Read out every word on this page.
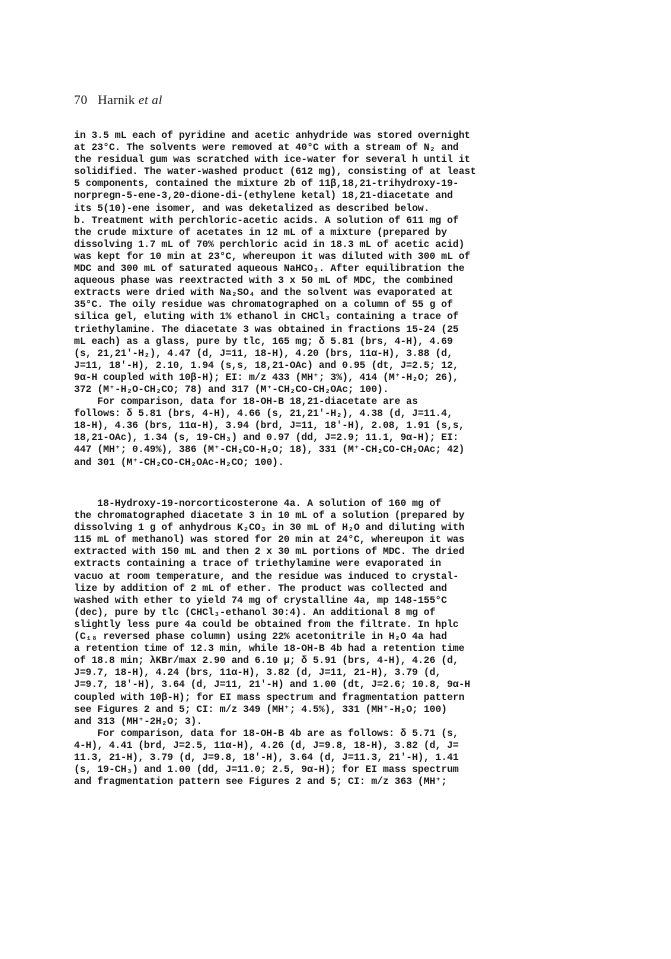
70 Harnik et al
in 3.5 mL each of pyridine and acetic anhydride was stored overnight
at 23°C. The solvents were removed at 40°C with a stream of N₂ and
the residual gum was scratched with ice-water for several h until it
solidified. The water-washed product (612 mg), consisting of at least
5 components, contained the mixture 2b of 11β,18,21-trihydroxy-19-
norpregn-5-ene-3,20-dione-di-(ethylene ketal) 18,21-diacetate and
its 5(10)-ene isomer, and was deketalized as described below.
b. Treatment with perchloric-acetic acids. A solution of 611 mg of
the crude mixture of acetates in 12 mL of a mixture (prepared by
dissolving 1.7 mL of 70% perchloric acid in 18.3 mL of acetic acid)
was kept for 10 min at 23°C, whereupon it was diluted with 300 mL of
MDC and 300 mL of saturated aqueous NaHCO₃. After equilibration the
aqueous phase was reextracted with 3 x 50 mL of MDC, the combined
extracts were dried with Na₂SO₄ and the solvent was evaporated at
35°C. The oily residue was chromatographed on a column of 55 g of
silica gel, eluting with 1% ethanol in CHCl₃ containing a trace of
triethylamine. The diacetate 3 was obtained in fractions 15-24 (25
mL each) as a glass, pure by tlc, 165 mg; δ 5.81 (brs, 4-H), 4.69
(s, 21,21'-H₂), 4.47 (d, J=11, 18-H), 4.20 (brs, 11α-H), 3.88 (d,
J=11, 18'-H), 2.10, 1.94 (s,s, 18,21-OAc) and 0.95 (dt, J=2.5; 12,
9α-H coupled with 10β-H); EI: m/z 433 (MH⁺; 3%), 414 (M⁺-H₂O; 26),
372 (M⁺-H₂O-CH₂CO; 78) and 317 (M⁺-CH₂CO-CH₂OAc; 100).
For comparison, data for 18-OH-B 18,21-diacetate are as
follows: δ 5.81 (brs, 4-H), 4.66 (s, 21,21'-H₂), 4.38 (d, J=11.4,
18-H), 4.36 (brs, 11α-H), 3.94 (brd, J=11, 18'-H), 2.08, 1.91 (s,s,
18,21-OAc), 1.34 (s, 19-CH₃) and 0.97 (dd, J=2.9; 11.1, 9α-H); EI:
447 (MH⁺; 0.49%), 386 (M⁺-CH₂CO-H₂O; 18), 331 (M⁺-CH₂CO-CH₂OAc; 42)
and 301 (M⁺-CH₂CO-CH₂OAc-H₂CO; 100).
18-Hydroxy-19-norcorticosterone 4a. A solution of 160 mg of
the chromatographed diacetate 3 in 10 mL of a solution (prepared by
dissolving 1 g of anhydrous K₂CO₃ in 30 mL of H₂O and diluting with
115 mL of methanol) was stored for 20 min at 24°C, whereupon it was
extracted with 150 mL and then 2 x 30 mL portions of MDC. The dried
extracts containing a trace of triethylamine were evaporated in
vacuo at room temperature, and the residue was induced to crystal-
lize by addition of 2 mL of ether. The product was collected and
washed with ether to yield 74 mg of crystalline 4a, mp 148-155°C
(dec), pure by tlc (CHCl₃-ethanol 30:4). An additional 8 mg of
slightly less pure 4a could be obtained from the filtrate. In hplc
(C₁₈ reversed phase column) using 22% acetonitrile in H₂O 4a had
a retention time of 12.3 min, while 18-OH-B 4b had a retention time
of 18.8 min; λKBr/max 2.90 and 6.10 μ; δ 5.91 (brs, 4-H), 4.26 (d,
J=9.7, 18-H), 4.24 (brs, 11α-H), 3.82 (d, J=11, 21-H), 3.79 (d,
J=9.7, 18'-H), 3.64 (d, J=11, 21'-H) and 1.00 (dt, J=2.6; 10.8, 9α-H
coupled with 10β-H); for EI mass spectrum and fragmentation pattern
see Figures 2 and 5; CI: m/z 349 (MH⁺; 4.5%), 331 (MH⁺-H₂O; 100)
and 313 (MH⁺-2H₂O; 3).
For comparison, data for 18-OH-B 4b are as follows: δ 5.71 (s,
4-H), 4.41 (brd, J=2.5, 11α-H), 4.26 (d, J=9.8, 18-H), 3.82 (d, J=
11.3, 21-H), 3.79 (d, J=9.8, 18'-H), 3.64 (d, J=11.3, 21'-H), 1.41
(s, 19-CH₃) and 1.00 (dd, J=11.0; 2.5, 9α-H); for EI mass spectrum
and fragmentation pattern see Figures 2 and 5; CI: m/z 363 (MH⁺;
